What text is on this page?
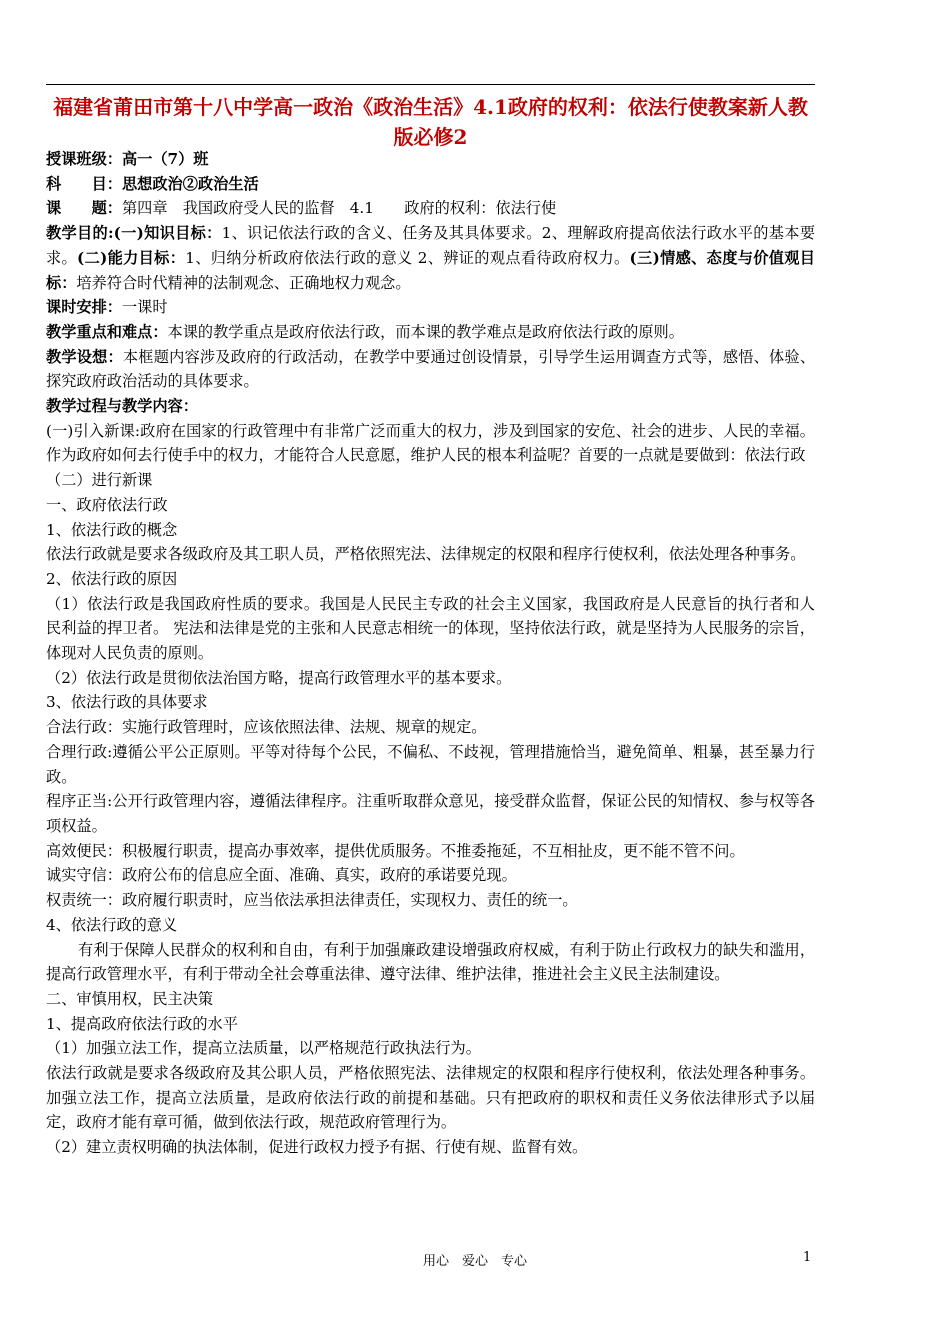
福建省莆田市第十八中学高一政治《政治生活》4.1政府的权利：依法行使教案新人教版必修2

授课班级：高一（7）班

科　　目：思想政治②政治生活

课　　题：第四章　我国政府受人民的监督　4.1　　政府的权利：依法行使

教学目的:(一)知识目标：1、识记依法行政的含义、任务及其具体要求。2、理解政府提高依法行政水平的基本要求。(二)能力目标：1、归纳分析政府依法行政的意义 2、辨证的观点看待政府权力。(三)情感、态度与价值观目标：培养符合时代精神的法制观念、正确地权力观念。

课时安排：一课时

教学重点和难点：本课的教学重点是政府依法行政，而本课的教学难点是政府依法行政的原则。

教学设想：本框题内容涉及政府的行政活动，在教学中要通过创设情景，引导学生运用调查方式等，感悟、体验、探究政府政治活动的具体要求。

教学过程与教学内容：

(一)引入新课:政府在国家的行政管理中有非常广泛而重大的权力，涉及到国家的安危、社会的进步、人民的幸福。作为政府如何去行使手中的权力，才能符合人民意愿，维护人民的根本利益呢？首要的一点就是要做到：依法行政

（二）进行新课

一、政府依法行政

1、依法行政的概念

依法行政就是要求各级政府及其工职人员，严格依照宪法、法律规定的权限和程序行使权利，依法处理各种事务。

2、依法行政的原因

（1）依法行政是我国政府性质的要求。我国是人民民主专政的社会主义国家，我国政府是人民意旨的执行者和人民利益的捍卫者。 宪法和法律是党的主张和人民意志相统一的体现，坚持依法行政，就是坚持为人民服务的宗旨，体现对人民负责的原则。

（2）依法行政是贯彻依法治国方略，提高行政管理水平的基本要求。

3、依法行政的具体要求

合法行政：实施行政管理时，应该依照法律、法规、规章的规定。

合理行政:遵循公平公正原则。平等对待每个公民，不偏私、不歧视，管理措施恰当，避免简单、粗暴，甚至暴力行政。

程序正当:公开行政管理内容，遵循法律程序。注重听取群众意见，接受群众监督，保证公民的知情权、参与权等各项权益。

高效便民：积极履行职责，提高办事效率，提供优质服务。不推委拖延，不互相扯皮，更不能不管不问。

诚实守信：政府公布的信息应全面、准确、真实，政府的承诺要兑现。

权责统一：政府履行职责时，应当依法承担法律责任，实现权力、责任的统一。

4、依法行政的意义

有利于保障人民群众的权利和自由，有利于加强廉政建设增强政府权威，有利于防止行政权力的缺失和滥用，提高行政管理水平，有利于带动全社会尊重法律、遵守法律、维护法律，推进社会主义民主法制建设。

二、审慎用权，民主决策

1、提高政府依法行政的水平

（1）加强立法工作，提高立法质量，以严格规范行政执法行为。

依法行政就是要求各级政府及其公职人员，严格依照宪法、法律规定的权限和程序行使权利，依法处理各种事务。加强立法工作，提高立法质量，是政府依法行政的前提和基础。只有把政府的职权和责任义务依法律形式予以届定，政府才能有章可循，做到依法行政，规范政府管理行为。

（2）建立责权明确的执法体制，促进行政权力授予有据、行使有规、监督有效。

用心　爱心　专心	1
